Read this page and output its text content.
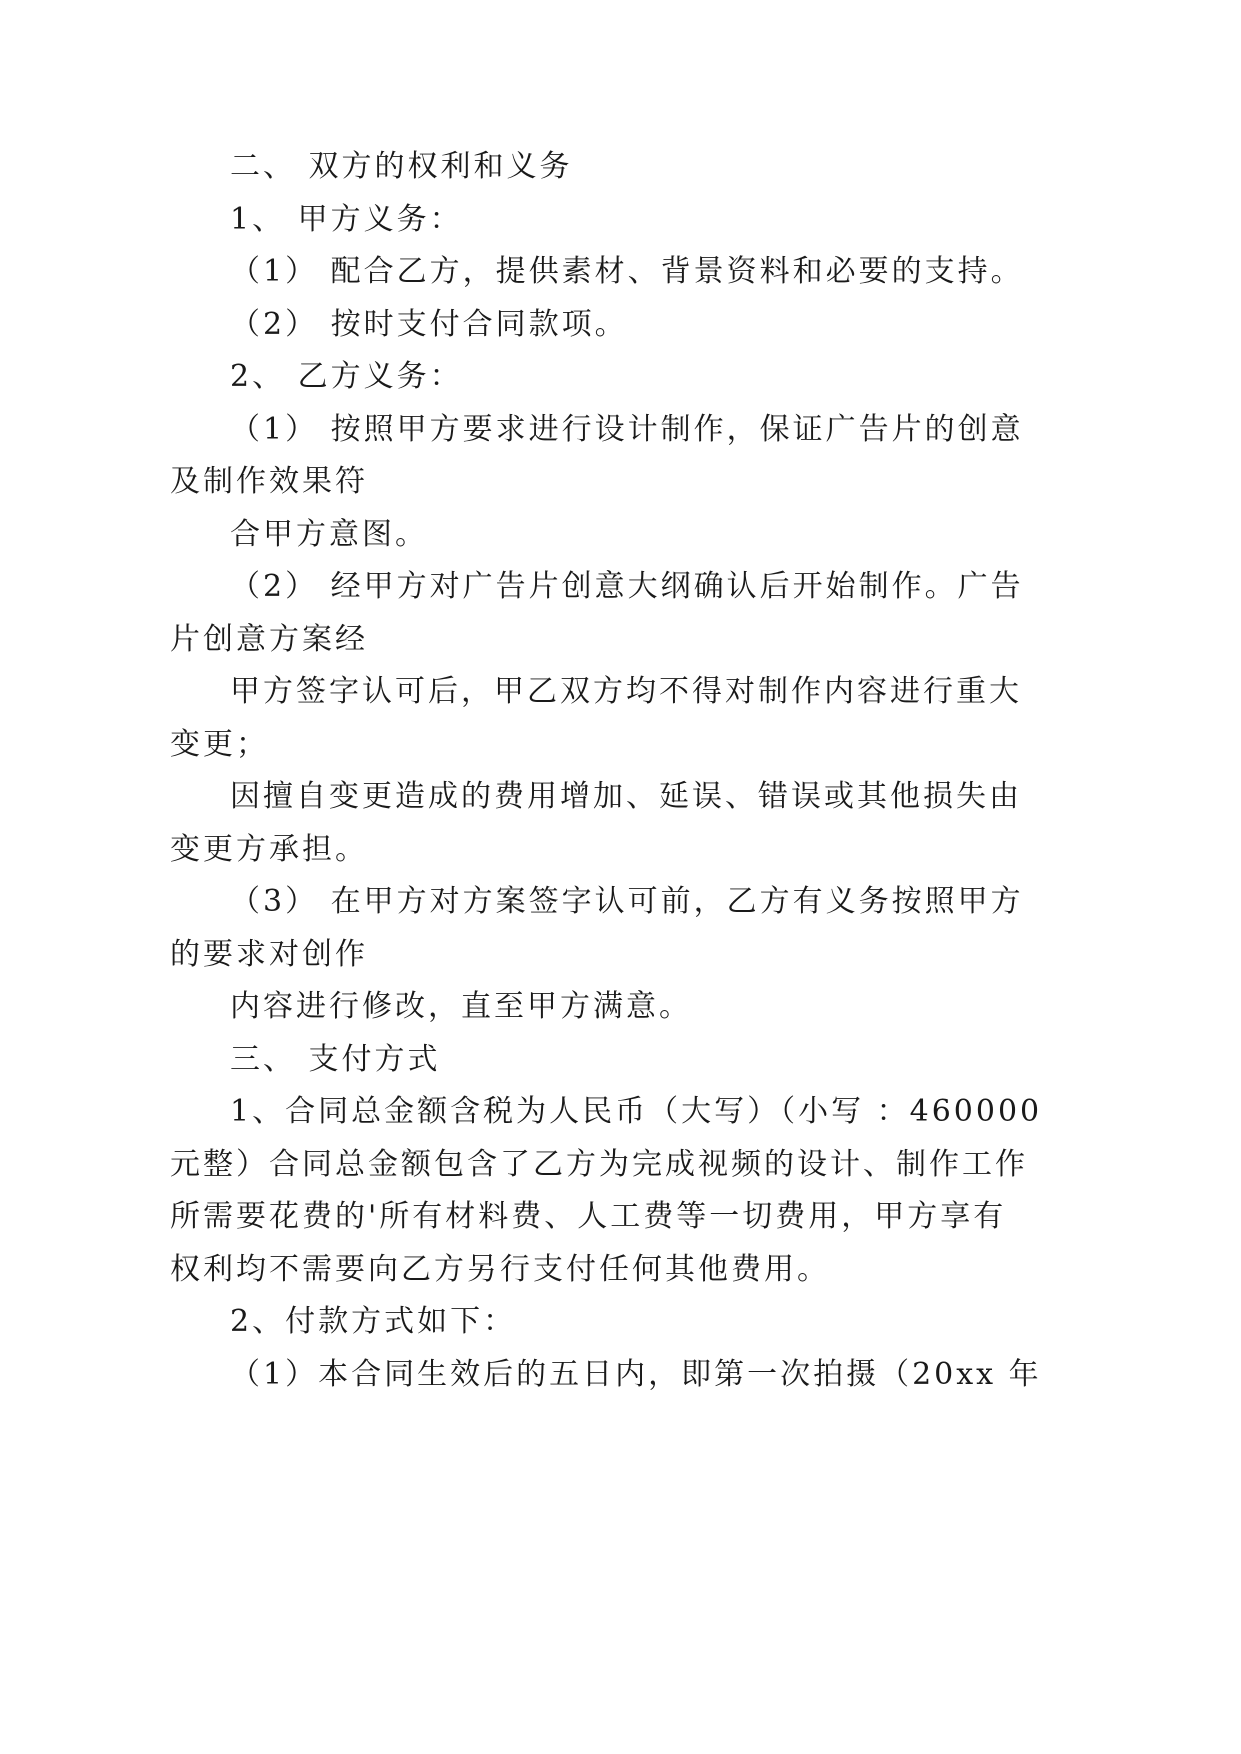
二、 双方的权利和义务
1、 甲方义务：
（1） 配合乙方，提供素材、背景资料和必要的支持。
（2） 按时支付合同款项。
2、 乙方义务：
（1） 按照甲方要求进行设计制作，保证广告片的创意
及制作效果符
合甲方意图。
（2） 经甲方对广告片创意大纲确认后开始制作。广告
片创意方案经
甲方签字认可后，甲乙双方均不得对制作内容进行重大
变更；
因擅自变更造成的费用增加、延误、错误或其他损失由
变更方承担。
（3） 在甲方对方案签字认可前，乙方有义务按照甲方
的要求对创作
内容进行修改，直至甲方满意。
三、 支付方式
1、合同总金额含税为人民币（大写）（小写 ： 460000
元整）合同总金额包含了乙方为完成视频的设计、制作工作
所需要花费的'所有材料费、人工费等一切费用，甲方享有
权利均不需要向乙方另行支付任何其他费用。
2、付款方式如下：
（1）本合同生效后的五日内，即第一次拍摄（20xx 年
